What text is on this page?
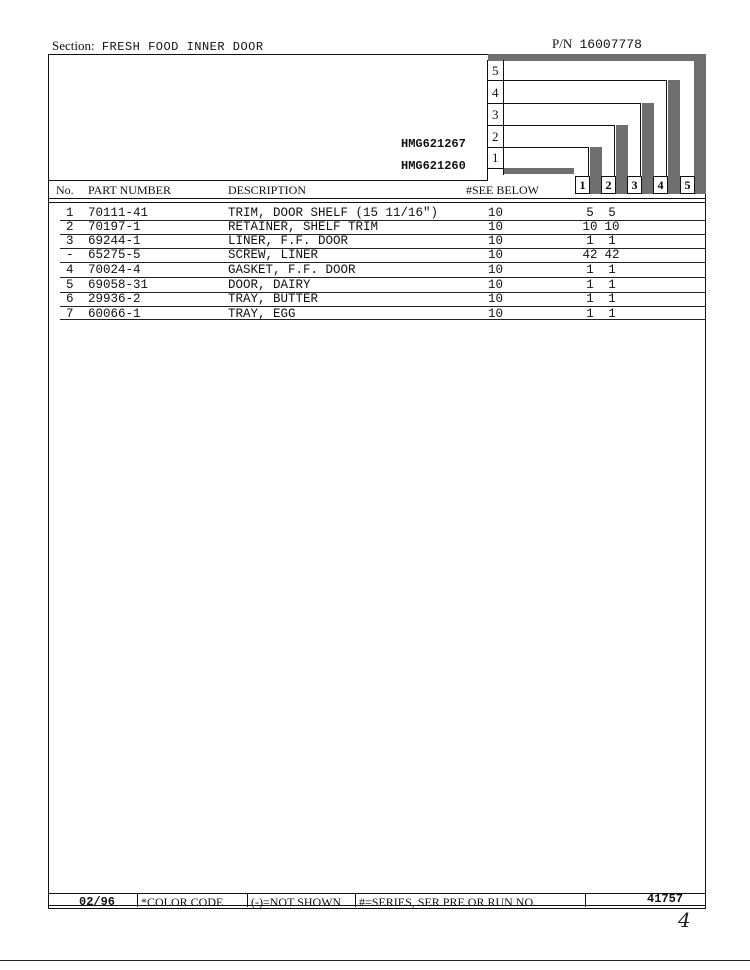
Section: FRESH FOOD INNER DOOR	P/N 16007778
5
4
3
2
1
HMG621267
HMG621260
No. PART NUMBER	DESCRIPTION	#SEE BELOW	1	2	3	4	5
1 70111-41	TRIM, DOOR SHELF (15 11/16")	10	5	5
2 70197-1	RETAINER, SHELF TRIM	10	10 10
3 69244-1	LINER, F.F. DOOR	10	1	1
- 65275-5	SCREW, LINER	10	42 42
4 70024-4	GASKET, F.F. DOOR	10	1	1
5 69058-31	DOOR, DAIRY	10	1	1
6 29936-2	TRAY, BUTTER	10	1	1
7 60066-1	TRAY, EGG	10	1	1
02/96 *COLOR CODE (-)=NOT SHOWN #=SERIES, SER PRE OR RUN NO.	41757
4
